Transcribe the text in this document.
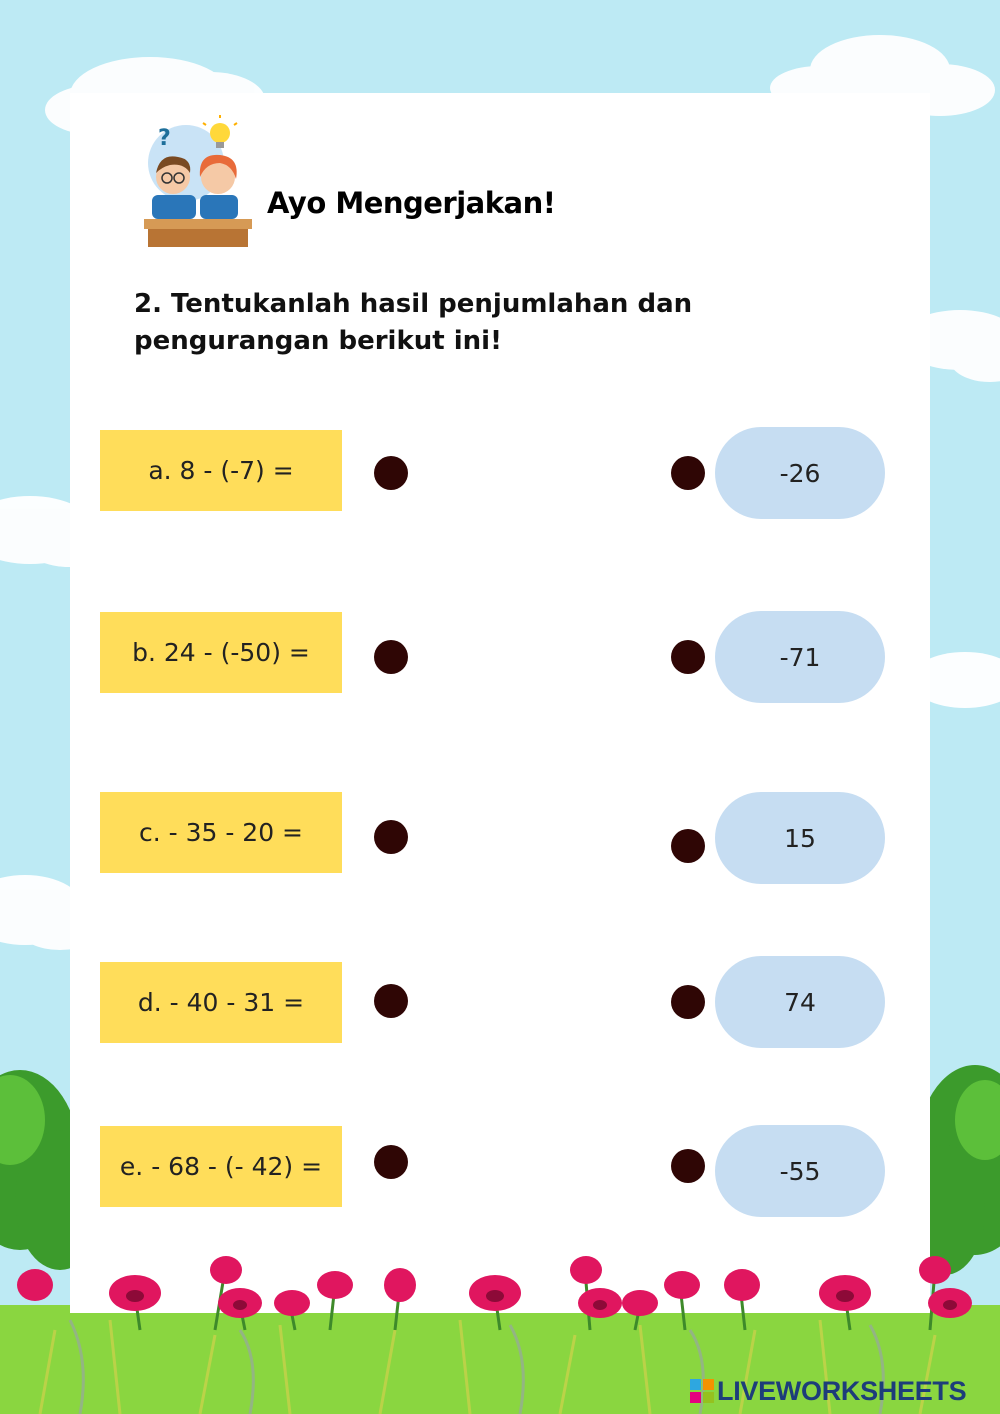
?
Ayo Mengerjakan!

2. Tentukanlah hasil penjumlahan dan pengurangan berikut ini!

a. 8 - (-7) =
b. 24 - (-50) =
c. - 35 - 20 =
d. - 40 - 31 =
e. - 68 - (- 42) =
-26
-71
15
74
-55
LIVEWORKSHEETS
